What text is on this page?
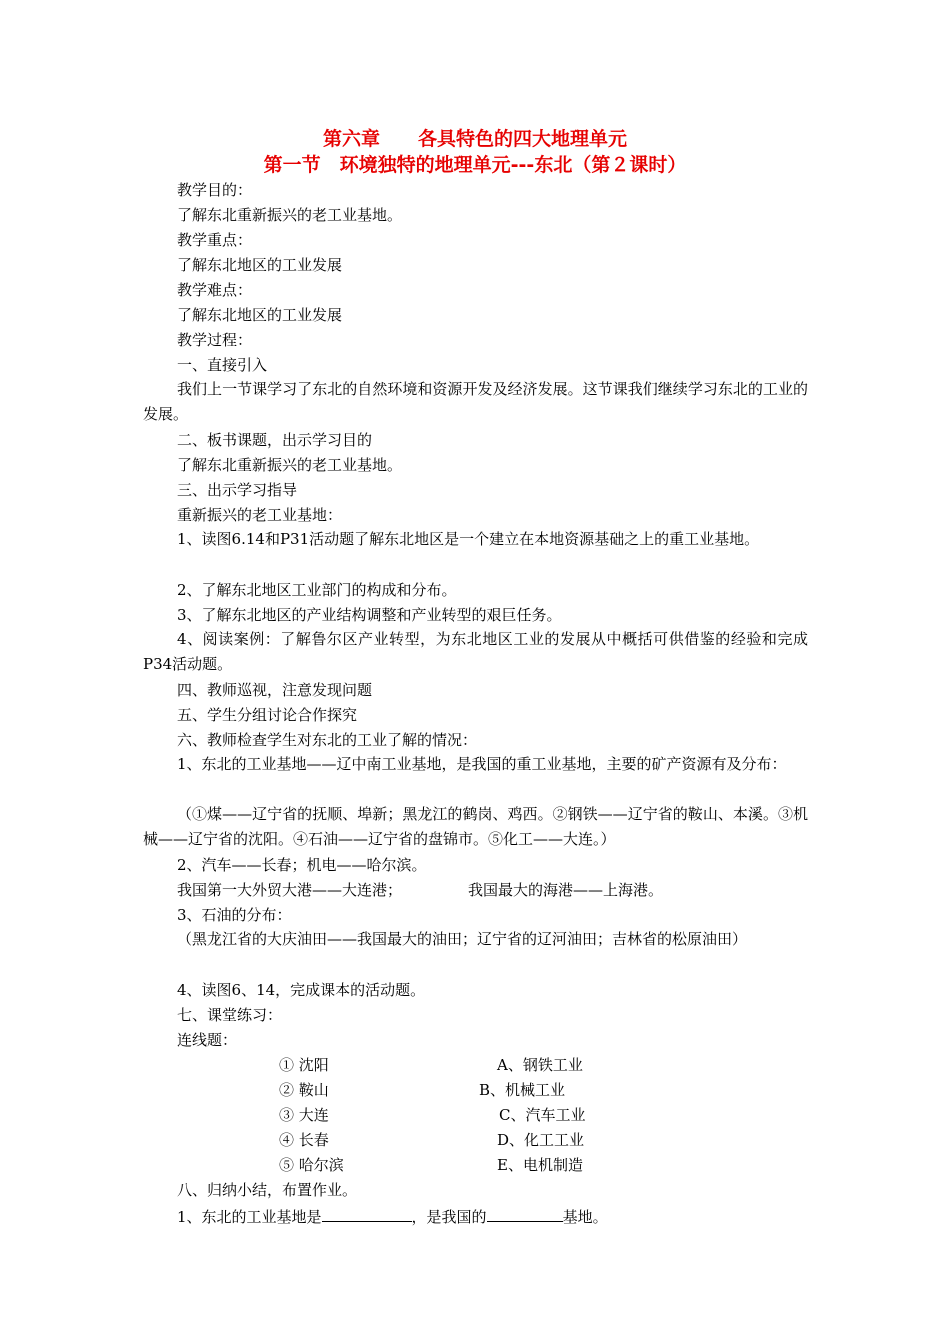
第六章　　各具特色的四大地理单元
第一节　环境独特的地理单元---东北（第２课时）
教学目的：
了解东北重新振兴的老工业基地。
教学重点：
了解东北地区的工业发展
教学难点：
了解东北地区的工业发展
教学过程：
一、直接引入
我们上一节课学习了东北的自然环境和资源开发及经济发展。这节课我们继续学习东北的工业的发展。
二、板书课题，出示学习目的
了解东北重新振兴的老工业基地。
三、出示学习指导
重新振兴的老工业基地：
1、读图6.14和P31活动题了解东北地区是一个建立在本地资源基础之上的重工业基地。
2、了解东北地区工业部门的构成和分布。
3、了解东北地区的产业结构调整和产业转型的艰巨任务。
4、阅读案例：了解鲁尔区产业转型，为东北地区工业的发展从中概括可供借鉴的经验和完成P34活动题。
四、教师巡视，注意发现问题
五、学生分组讨论合作探究
六、教师检查学生对东北的工业了解的情况：
1、东北的工业基地——辽中南工业基地，是我国的重工业基地，主要的矿产资源有及分布：
（①煤——辽宁省的抚顺、埠新；黑龙江的鹤岗、鸡西。②钢铁——辽宁省的鞍山、本溪。③机械——辽宁省的沈阳。④石油——辽宁省的盘锦市。⑤化工——大连。）
2、汽车——长春；机电——哈尔滨。
我国第一大外贸大港——大连港；	我国最大的海港——上海港。
3、石油的分布：
（黑龙江省的大庆油田——我国最大的油田；辽宁省的辽河油田；吉林省的松原油田）
4、读图6、14，完成课本的活动题。
七、课堂练习：
连线题：
① 沈阳	A、钢铁工业
② 鞍山	B、机械工业
③ 大连	C、汽车工业
④ 长春	D、化工工业
⑤ 哈尔滨	E、电机制造
八、归纳小结，布置作业。
1、东北的工业基地是	，是我国的	基地。
